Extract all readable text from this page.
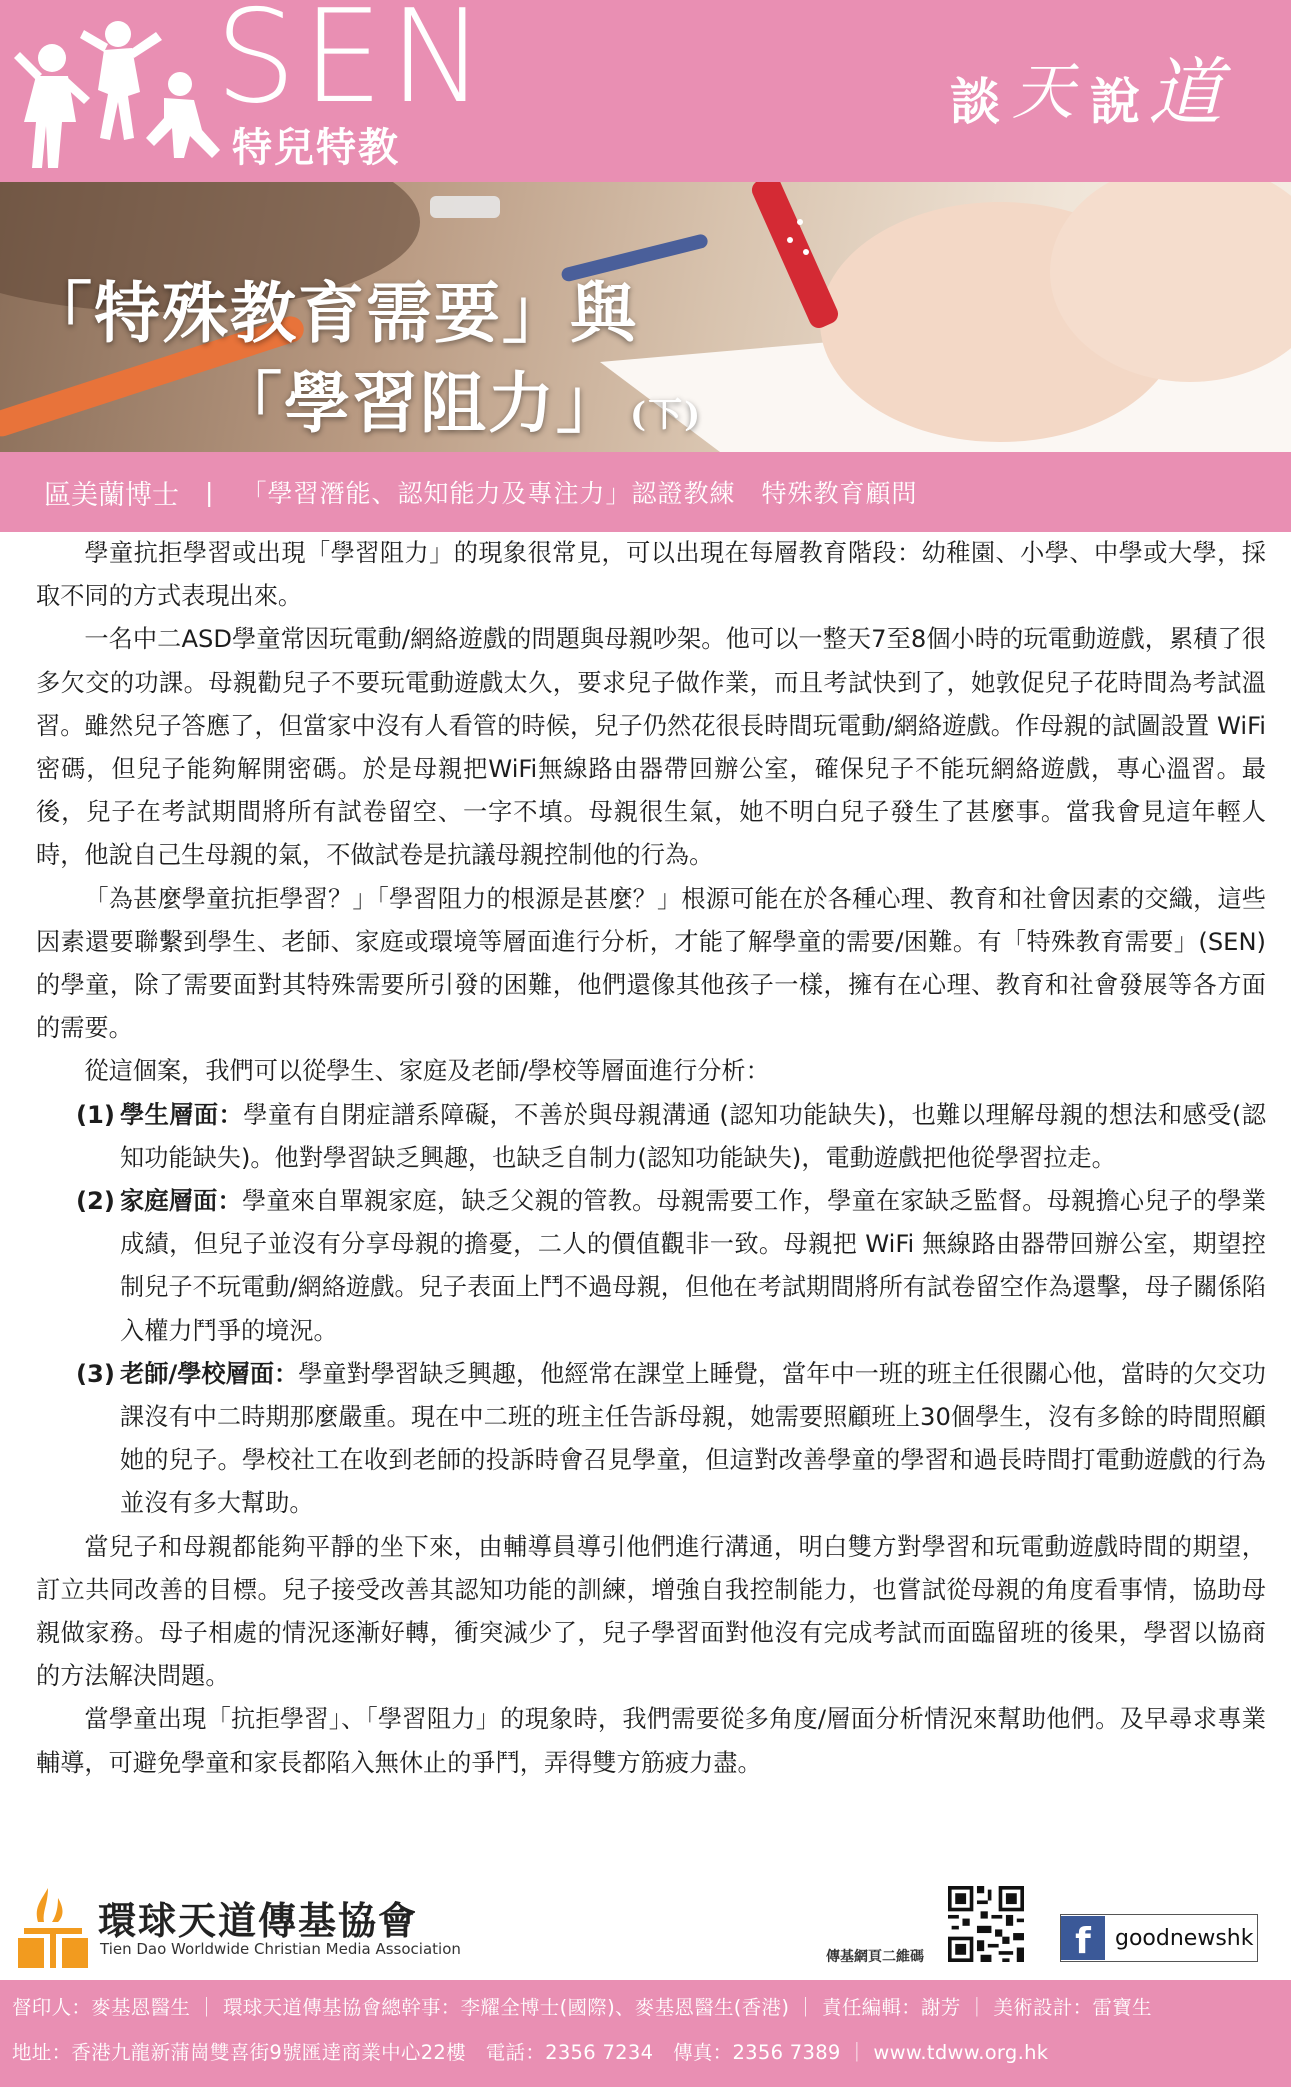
SEN
特兒特教
談 天 說 道
「特殊教育需要」與
「學習阻力」 (下)
區美蘭博士 | 「學習潛能、認知能力及專注力」認證教練　特殊教育顧問

學童抗拒學習或出現「學習阻力」的現象很常見，可以出現在每層教育階段：幼稚園、小學、中學或大學，採取不同的方式表現出來。

一名中二ASD學童常因玩電動/網絡遊戲的問題與母親吵架。他可以一整天7至8個小時的玩電動遊戲，累積了很多欠交的功課。母親勸兒子不要玩電動遊戲太久，要求兒子做作業，而且考試快到了，她敦促兒子花時間為考試溫習。雖然兒子答應了，但當家中沒有人看管的時候，兒子仍然花很長時間玩電動/網絡遊戲。作母親的試圖設置 WiFi 密碼，但兒子能夠解開密碼。於是母親把WiFi無線路由器帶回辦公室，確保兒子不能玩網絡遊戲，專心溫習。最後，兒子在考試期間將所有試卷留空、一字不填。母親很生氣，她不明白兒子發生了甚麼事。當我會見這年輕人時，他說自己生母親的氣，不做試卷是抗議母親控制他的行為。

「為甚麼學童抗拒學習？」「學習阻力的根源是甚麼？」根源可能在於各種心理、教育和社會因素的交織，這些因素還要聯繫到學生、老師、家庭或環境等層面進行分析，才能了解學童的需要/困難。有「特殊教育需要」(SEN) 的學童，除了需要面對其特殊需要所引發的困難，他們還像其他孩子一樣，擁有在心理、教育和社會發展等各方面的需要。

從這個案，我們可以從學生、家庭及老師/學校等層面進行分析：

(1) 學生層面：學童有自閉症譜系障礙，不善於與母親溝通 (認知功能缺失)，也難以理解母親的想法和感受(認知功能缺失)。他對學習缺乏興趣，也缺乏自制力(認知功能缺失)，電動遊戲把他從學習拉走。
(2) 家庭層面：學童來自單親家庭，缺乏父親的管教。母親需要工作，學童在家缺乏監督。母親擔心兒子的學業成績，但兒子並沒有分享母親的擔憂，二人的價值觀非一致。母親把 WiFi 無線路由器帶回辦公室，期望控制兒子不玩電動/網絡遊戲。兒子表面上鬥不過母親，但他在考試期間將所有試卷留空作為還擊，母子關係陷入權力鬥爭的境況。
(3) 老師/學校層面：學童對學習缺乏興趣，他經常在課堂上睡覺，當年中一班的班主任很關心他，當時的欠交功課沒有中二時期那麼嚴重。現在中二班的班主任告訴母親，她需要照顧班上30個學生，沒有多餘的時間照顧她的兒子。學校社工在收到老師的投訴時會召見學童，但這對改善學童的學習和過長時間打電動遊戲的行為並沒有多大幫助。

當兒子和母親都能夠平靜的坐下來，由輔導員導引他們進行溝通，明白雙方對學習和玩電動遊戲時間的期望，訂立共同改善的目標。兒子接受改善其認知功能的訓練，增強自我控制能力，也嘗試從母親的角度看事情，協助母親做家務。母子相處的情況逐漸好轉，衝突減少了，兒子學習面對他沒有完成考試而面臨留班的後果，學習以協商的方法解決問題。

當學童出現「抗拒學習」、「學習阻力」的現象時，我們需要從多角度/層面分析情況來幫助他們。及早尋求專業輔導，可避免學童和家長都陷入無休止的爭鬥，弄得雙方筋疲力盡。

環球天道傳基協會
Tien Dao Worldwide Christian Media Association	傳基網頁二維碼	f	goodnewshk
督印人：麥基恩醫生 ｜ 環球天道傳基協會總幹事：李耀全博士(國際)、麥基恩醫生(香港) ｜ 責任編輯：謝芳 ｜ 美術設計：雷寶生
地址：香港九龍新蒲崗雙喜街9號匯達商業中心22樓　電話：2356 7234　傳真：2356 7389 ｜ www.tdww.org.hk
